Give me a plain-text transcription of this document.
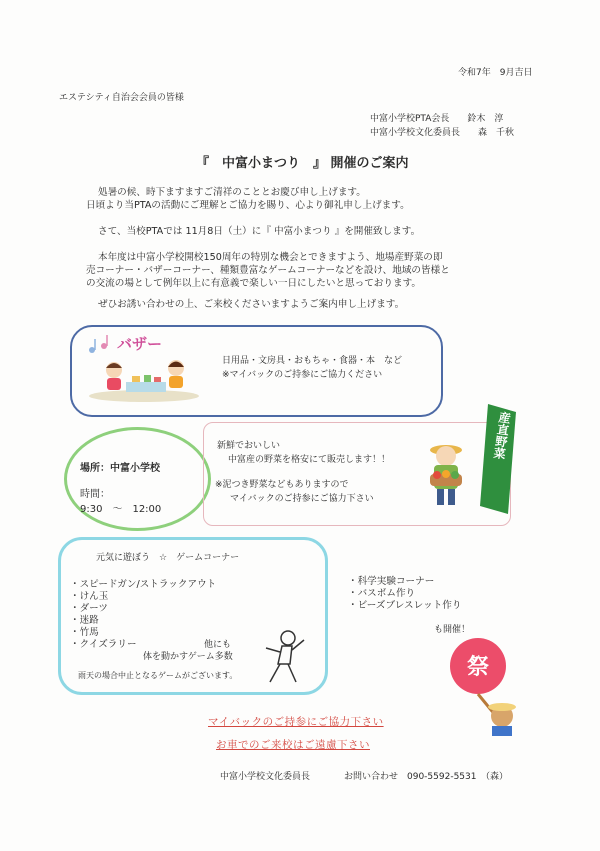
令和7年　9月吉日
エステシティ自治会会員の皆様
中富小学校PTA会長　　鈴木　淳
中富小学校文化委員長　　森　千秋
『　中富小まつり　』 開催のご案内
処暑の候、時下ますますご清祥のこととお慶び申し上げます。
日頃より当PTAの活動にご理解とご協力を賜り、心より御礼申し上げます。
さて、当校PTAでは 11月8日（土）に『 中富小まつり 』を開催致します。
本年度は中富小学校開校150周年の特別な機会とできますよう、地場産野菜の即
売コーナー・バザーコーナー、種類豊富なゲームコーナーなどを設け、地域の皆様と
の交流の場として例年以上に有意義で楽しい一日にしたいと思っております。
ぜひお誘い合わせの上、ご来校くださいますようご案内申し上げます。
バザー
日用品・文房具・おもちゃ・食器・本　など
※マイバックのご持参にご協力ください
場所：中富小学校
時間：
9:30　～　12:00
新鮮でおいしい
中富産の野菜を格安にて販売します！！
※泥つき野菜などもありますので
マイバックのご持参にご協力下さい
産直野菜
元気に遊ぼう　☆　ゲームコーナー
・スピードガン/ストラックアウト
・けん玉
・ダーツ
・迷路
・竹馬
・クイズラリー	他にも
体を動かすゲーム多数
雨天の場合中止となるゲームがございます。
・科学実験コーナー
・バスボム作り
・ビーズブレスレット作り
も開催！
祭
マイバックのご持参にご協力下さい
お車でのご来校はご遠慮下さい
中富小学校文化委員長	お問い合わせ　090-5592-5531　（森）
